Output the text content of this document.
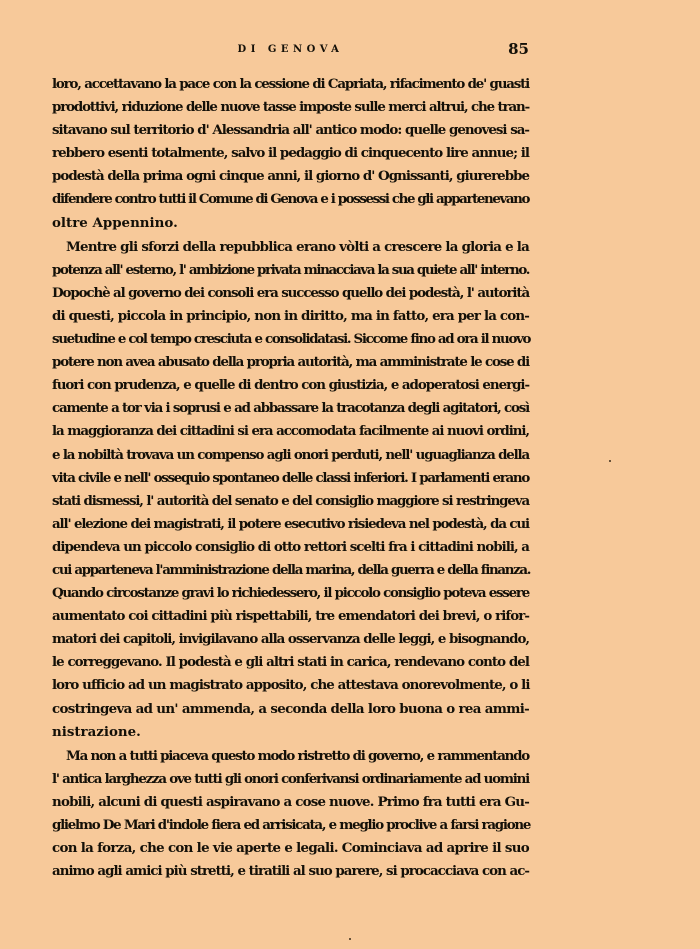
DI GENOVA	85
loro, accettavano la pace con la cessione di Capriata, rifacimento de' guasti
prodottivi, riduzione delle nuove tasse imposte sulle merci altrui, che tran-
sitavano sul territorio d' Alessandria all' antico modo: quelle genovesi sa-
rebbero esenti totalmente, salvo il pedaggio di cinquecento lire annue; il
podestà della prima ogni cinque anni, il giorno d' Ognissanti, giurerebbe
difendere contro tutti il Comune di Genova e i possessi che gli appartenevano
oltre Appennino.
Mentre gli sforzi della repubblica erano vòlti a crescere la gloria e la
potenza all' esterno, l' ambizione privata minacciava la sua quiete all' interno.
Dopochè al governo dei consoli era successo quello dei podestà, l' autorità
di questi, piccola in principio, non in diritto, ma in fatto, era per la con-
suetudine e col tempo cresciuta e consolidatasi. Siccome fino ad ora il nuovo
potere non avea abusato della propria autorità, ma amministrate le cose di
fuori con prudenza, e quelle di dentro con giustizia, e adoperatosi energi-
camente a tor via i soprusi e ad abbassare la tracotanza degli agitatori, così
la maggioranza dei cittadini si era accomodata facilmente ai nuovi ordini,
e la nobiltà trovava un compenso agli onori perduti, nell' uguaglianza della
vita civile e nell' ossequio spontaneo delle classi inferiori. I parlamenti erano
stati dismessi, l' autorità del senato e del consiglio maggiore si restringeva
all' elezione dei magistrati, il potere esecutivo risiedeva nel podestà, da cui
dipendeva un piccolo consiglio di otto rettori scelti fra i cittadini nobili, a
cui apparteneva l'amministrazione della marina, della guerra e della finanza.
Quando circostanze gravi lo richiedessero, il piccolo consiglio poteva essere
aumentato coi cittadini più rispettabili, tre emendatori dei brevi, o rifor-
matori dei capitoli, invigilavano alla osservanza delle leggi, e bisognando,
le correggevano. Il podestà e gli altri stati in carica, rendevano conto del
loro ufficio ad un magistrato apposito, che attestava onorevolmente, o li
costringeva ad un' ammenda, a seconda della loro buona o rea ammi-
nistrazione.
Ma non a tutti piaceva questo modo ristretto di governo, e rammentando
l' antica larghezza ove tutti gli onori conferivansi ordinariamente ad uomini
nobili, alcuni di questi aspiravano a cose nuove. Primo fra tutti era Gu-
glielmo De Mari d'indole fiera ed arrisicata, e meglio proclive a farsi ragione
con la forza, che con le vie aperte e legali. Cominciava ad aprire il suo
animo agli amici più stretti, e tiratili al suo parere, si procacciava con ac-
